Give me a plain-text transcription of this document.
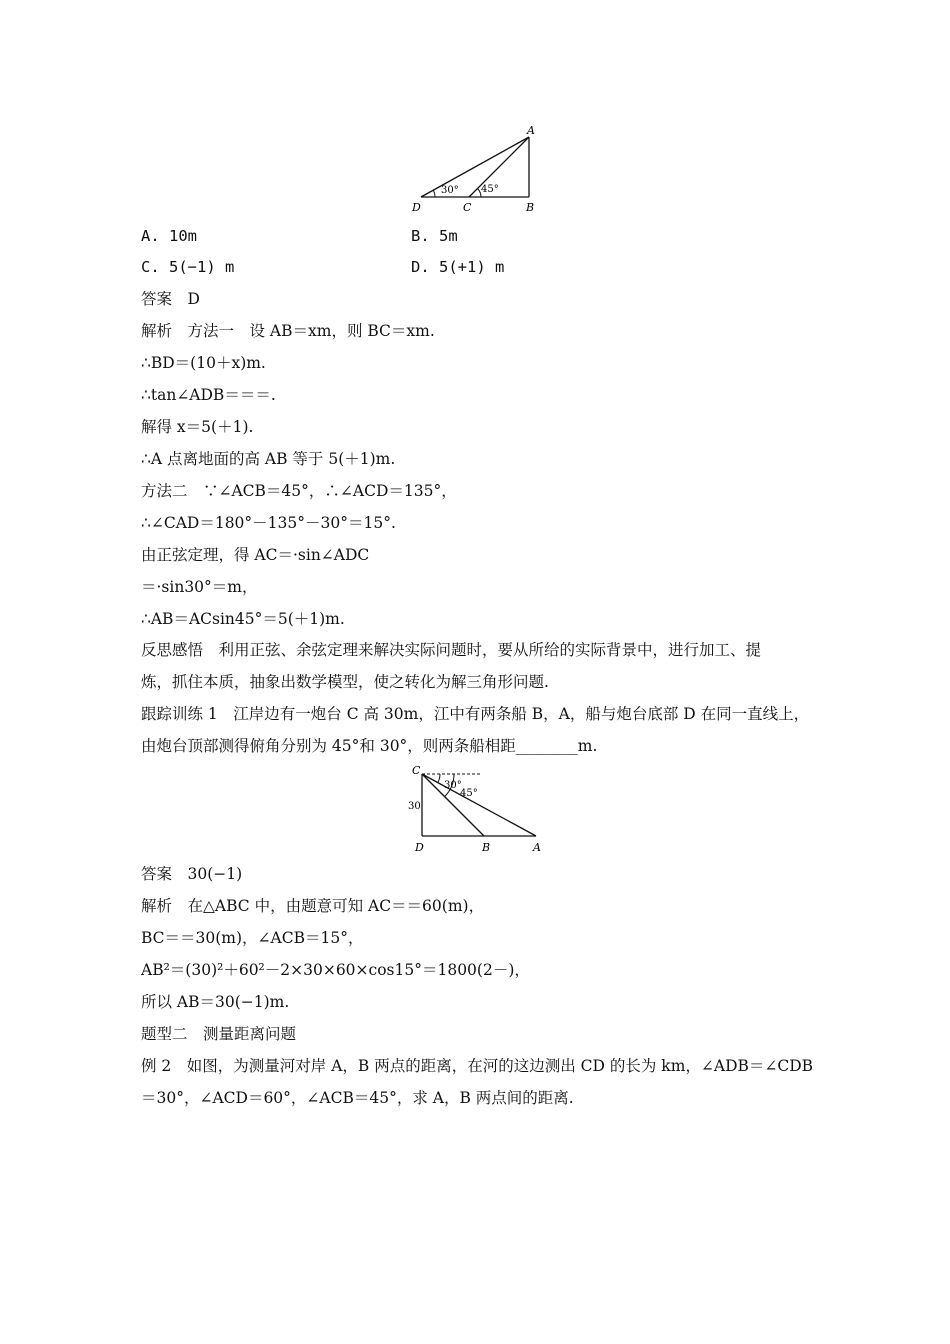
30° 45°
A
D	C	B
A. 10m	B. 5m
C. 5(−1) m	D. 5(+1) m
答案　D
解析　方法一　设 AB＝xm，则 BC＝xm.
∴BD＝(10＋x)m.
∴tan∠ADB＝＝＝.
解得 x＝5(＋1).
∴A 点离地面的高 AB 等于 5(＋1)m.
方法二　∵∠ACB＝45°，∴∠ACD＝135°，
∴∠CAD＝180°－135°－30°＝15°.
由正弦定理，得 AC＝·sin∠ADC
＝·sin30°＝m，
∴AB＝ACsin45°＝5(＋1)m.
反思感悟　利用正弦、余弦定理来解决实际问题时，要从所给的实际背景中，进行加工、提
炼，抓住本质，抽象出数学模型，使之转化为解三角形问题.
跟踪训练 1　江岸边有一炮台 C 高 30m，江中有两条船 B，A，船与炮台底部 D 在同一直线上，
由炮台顶部测得俯角分别为 45°和 30°，则两条船相距________m.
30°
45°
30
C
D	B	A
答案　30(−1)
解析　在△ABC 中，由题意可知 AC＝＝60(m)，
BC＝＝30(m)，∠ACB＝15°，
AB²＝(30)²＋60²－2×30×60×cos15°＝1800(2－)，
所以 AB＝30(−1)m.
题型二　测量距离问题
例 2　如图，为测量河对岸 A，B 两点的距离，在河的这边测出 CD 的长为 km，∠ADB＝∠CDB
＝30°，∠ACD＝60°，∠ACB＝45°，求 A，B 两点间的距离.
